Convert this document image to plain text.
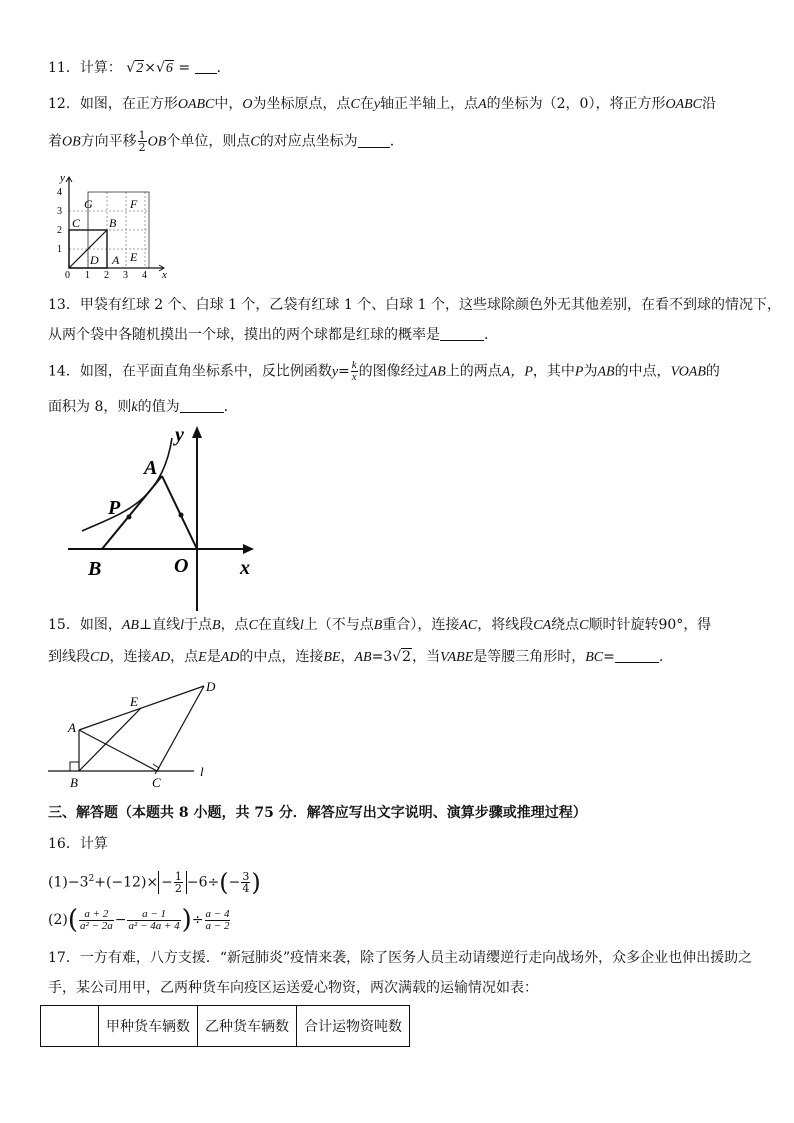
11．计算： √2×√6 = .
12．如图，在正方形OABC中，O为坐标原点，点C在y轴正半轴上，点A的坐标为（2，0），将正方形OABC沿
着OB方向平移 $\frac{1}{2}$ OB个单位，则点C的对应点坐标为 .
y
x
0 1 2 3 4
1
2
3
4
G	F
C B
D A E
13．甲袋有红球 2 个、白球 1 个，乙袋有红球 1 个、白球 1 个，这些球除颜色外无其他差别，在看不到球的情况下，
从两个袋中各随机摸出一个球，摸出的两个球都是红球的概率是	.
14．如图，在平面直角坐标系中，反比例函数$y= \frac{k}{x}$ 的图像经过AB上的两点A，P，其中P为AB的中点，VOAB的
面积为 8，则k的值为	.
y
x
A
P
B	O
15．如图，AB⊥直线l于点B，点C在直线l上（不与点B重合），连接AC，将线段CA绕点C顺时针旋转90°，得
到线段CD，连接AD，点E是AD的中点，连接BE，AB=3√2，当VABE是等腰三角形时，BC=	.
A
B	C
D
E
l
三、解答题（本题共 8 小题，共 75 分．解答应写出文字说明、演算步骤或推理过程）
16．计算
$(1)-3^2+(-12)\times - \frac{1}{2} -6\div(- \frac{3}{4}$ )
$(2)( \frac{a + 2}{\text{a² − 2a}} - \frac{a - 1}{\text{a² − 4a + 4}}$ )÷ $\frac{a - 4}{a - 2}$
17．一方有难，八方支援．“新冠肺炎”疫情来袭，除了医务人员主动请缨逆行走向战场外，众多企业也伸出援助之
手，某公司用甲，乙两种货车向疫区运送爱心物资，两次满载的运输情况如表：
	甲种货车辆数	乙种货车辆数	合计运物资吨数
